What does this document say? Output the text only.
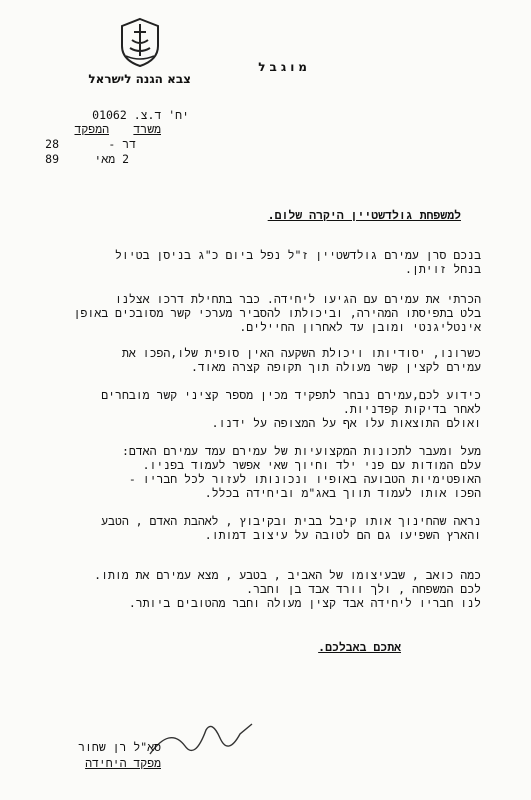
מוגבל
צבא הגנה לישראל
יח' ד.צ. 01062
משרד
המפקד
דר -
28
2 מאי
89
למשפחת גולדשטיין היקרה שלום.
בנכם סרן עמירם גולדשטיין ז"ל נפל ביום כ"ג בניסן בטיול
בנחל זויתן.
הכרתי את עמירם עם הגיעו ליחידה. כבר בתחילת דרכו אצלנו
בלט בתפיסתו המהירה, וביכולתו להסביר מערכי קשר מסובכים באופן
אינטליגנטי ומובן עד לאחרון החיילים.
כשרונו, יסודיותו ויכולת השקעה האין סופית שלו,הפכו את
עמירם לקצין קשר מעולה תוך תקופה קצרה מאוד.
כידוע לכם,עמירם נבחר לתפקיד מכין מספר קציני קשר מובחרים
לאחר בדיקות קפדניות.
ואולם התוצאות עלו אף על המצופה על ידנו.
מעל ומעבר לתכונות המקצועיות של עמירם עמד עמירם האדם:
עלם המודות עם פני ילד וחיוך שאי אפשר לעמוד בפניו.
האופטימיות הטבועה באופיו ונכונותו לעזור לכל חבריו -
הפכו אותו לעמוד תווך באג"מ וביחידה בכלל.
נראה שהחינוך אותו קיבל בבית ובקיבוץ , לאהבת האדם , הטבע
והארץ השפיעו גם הם לטובה על עיצוב דמותו.
כמה כואב , שבעיצומו של האביב , בטבע , מצא עמירם את מותו.
לכם המשפחה , ולך וורד אבד בן וחבר.
לנו חבריו ליחידה אבד קצין מעולה וחבר מהטובים ביותר.
אתכם באבלכם.
סא"ל רן שחור
מפקד היחידה
